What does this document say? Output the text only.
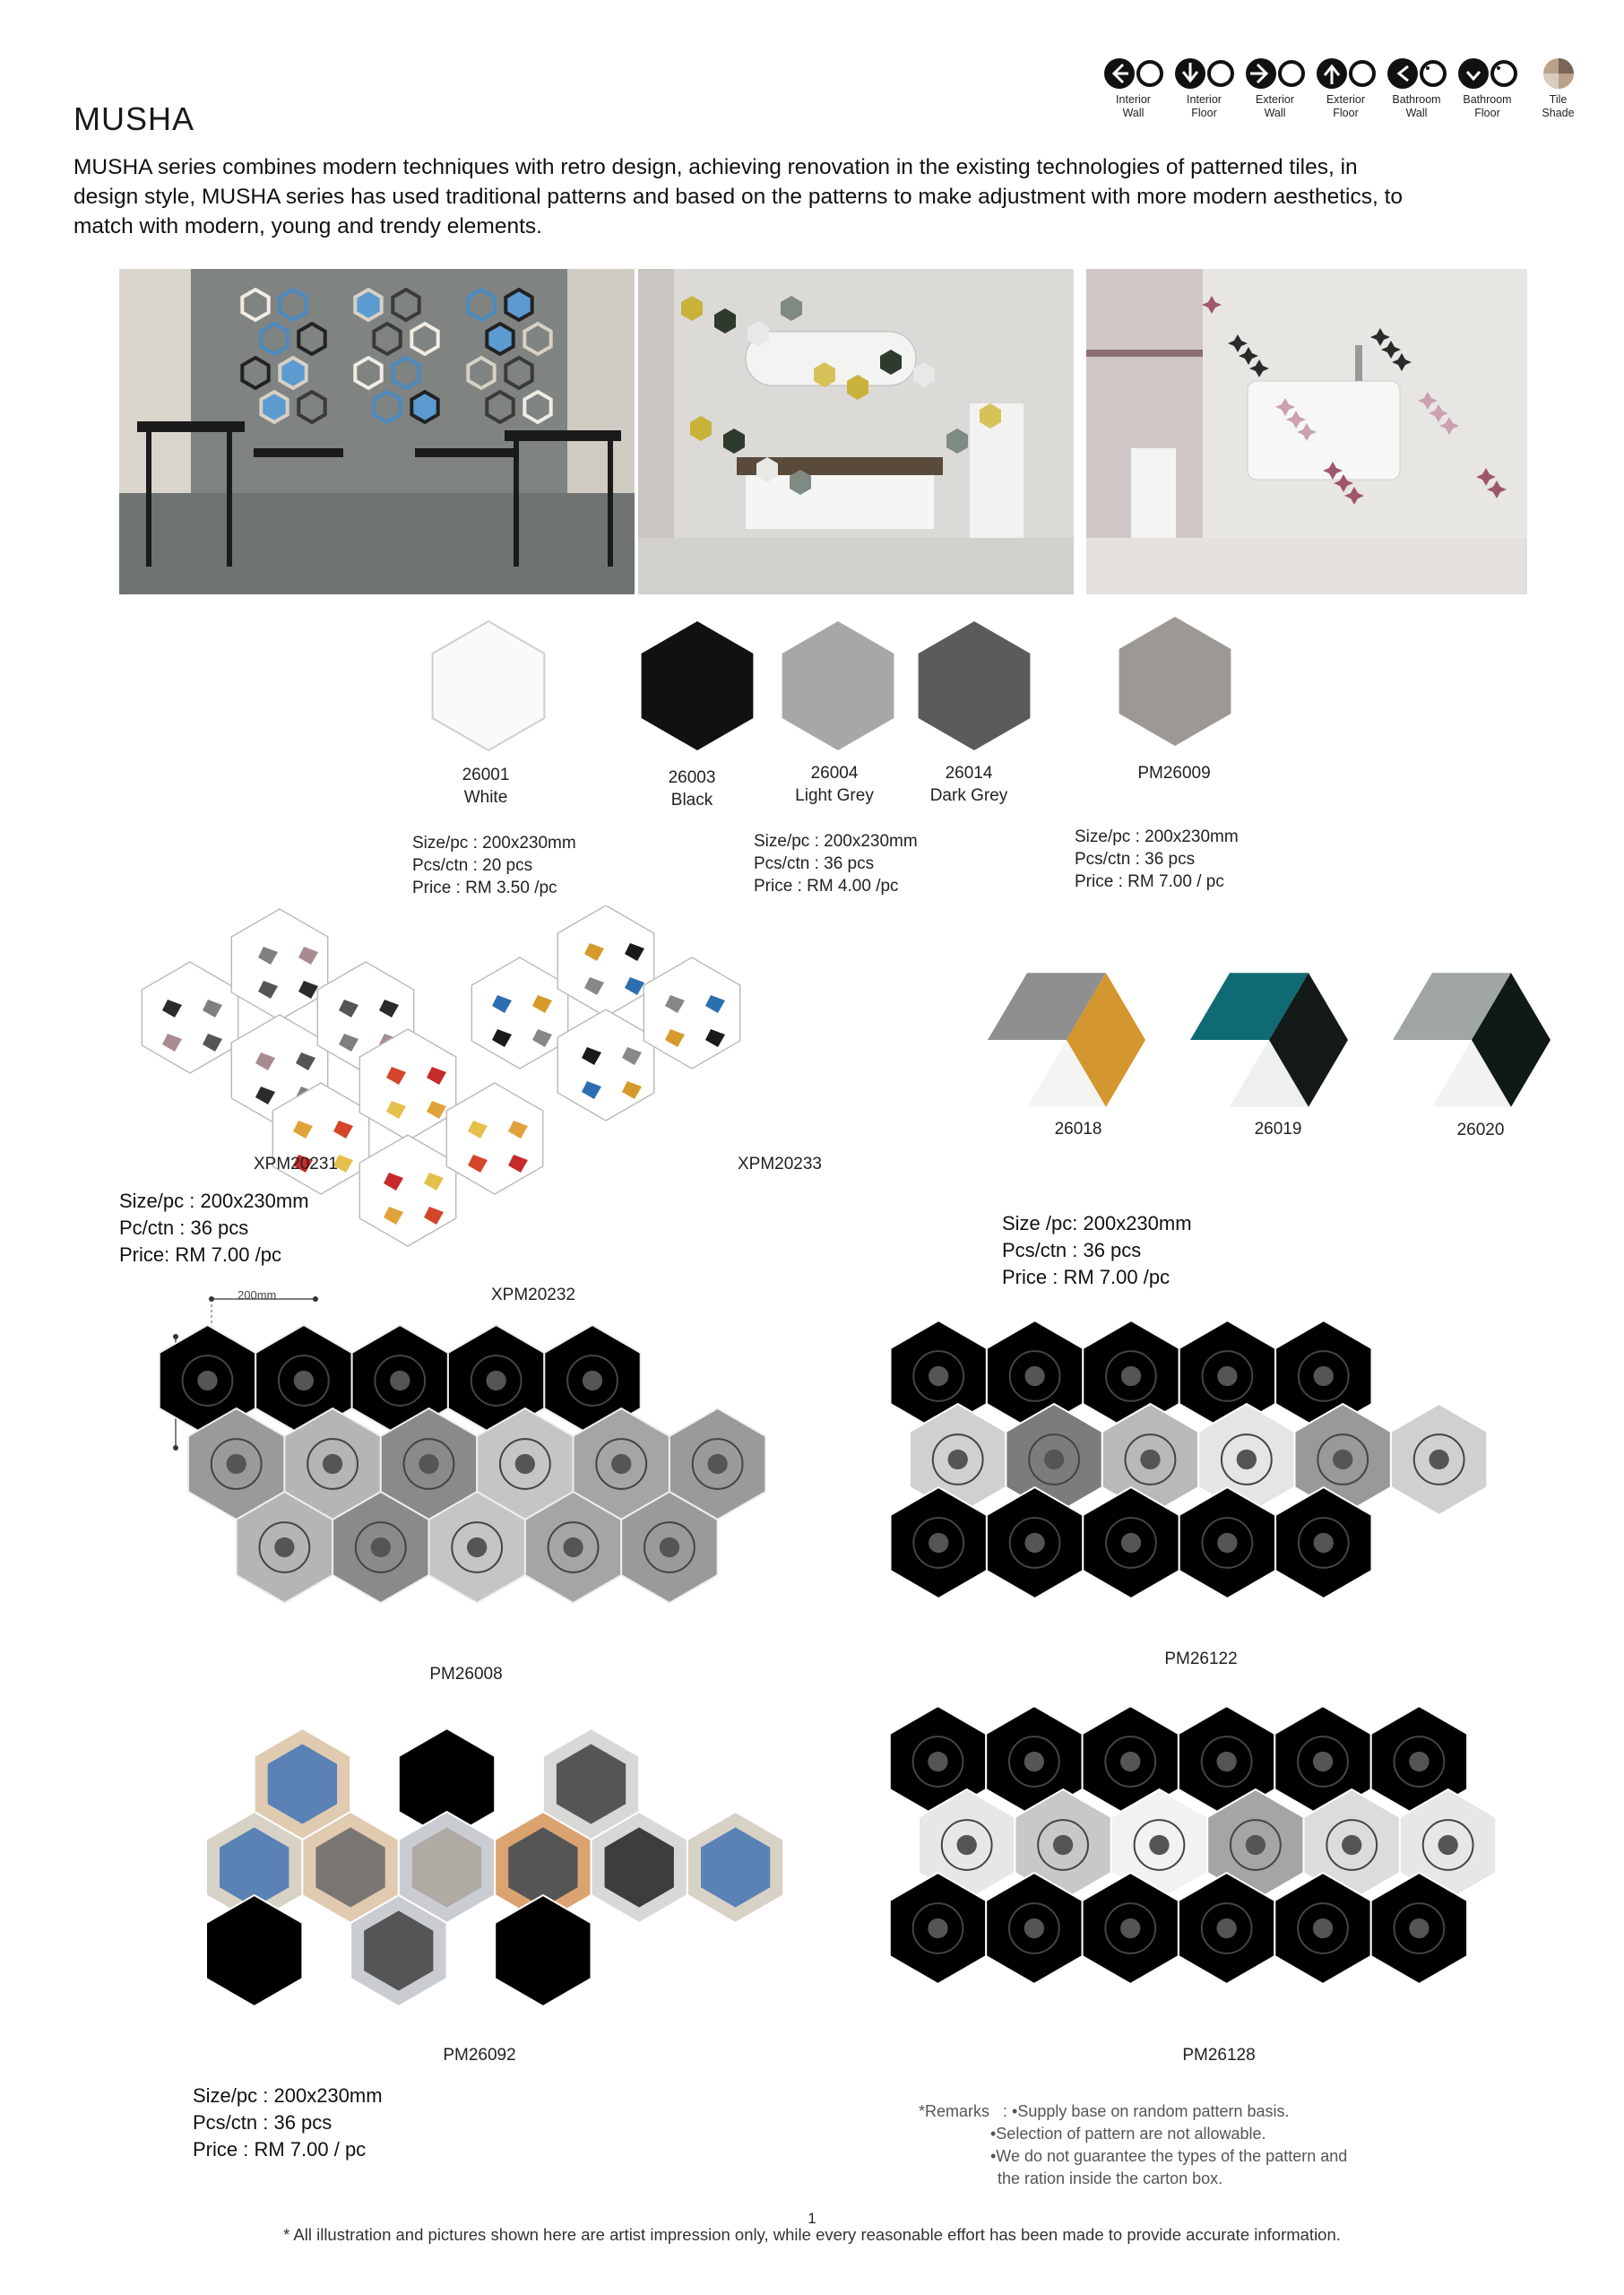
Interior
Wall
Interior
Floor
Exterior
Wall
Exterior
Floor
Bathroom
Wall
Bathroom
Floor
Tile
Shade
MUSHA
MUSHA series combines modern techniques with retro design, achieving renovation in the existing technologies of patterned tiles, in design style, MUSHA series has used traditional patterns and based on the patterns to make adjustment with more modern aesthetics, to match with modern, young and trendy elements.
26001
White
26003
Black
26004
Light Grey
26014
Dark Grey
PM26009
Size/pc : 200x230mm
Pcs/ctn : 20 pcs
Price : RM 3.50 /pc
Size/pc : 200x230mm
Pcs/ctn : 36 pcs
Price : RM 4.00 /pc
Size/pc : 200x230mm
Pcs/ctn : 36 pcs
Price : RM 7.00 / pc
XPM20231
XPM20232
XPM20233
Size/pc : 200x230mm
Pc/ctn : 36 pcs
Price: RM 7.00 /pc
26018	26019	26020
Size /pc: 200x230mm
Pcs/ctn : 36 pcs
Price : RM 7.00 /pc
200mm
PM26008
PM26122
PM26092	PM26128
Size/pc : 200x230mm
Pcs/ctn : 36 pcs
Price : RM 7.00 / pc
*Remarks : •Supply base on random pattern basis.
•Selection of pattern are not allowable.
•We do not guarantee the types of the pattern and
the ration inside the carton box.
1
* All illustration and pictures shown here are artist impression only, while every reasonable effort has been made to provide accurate information.
